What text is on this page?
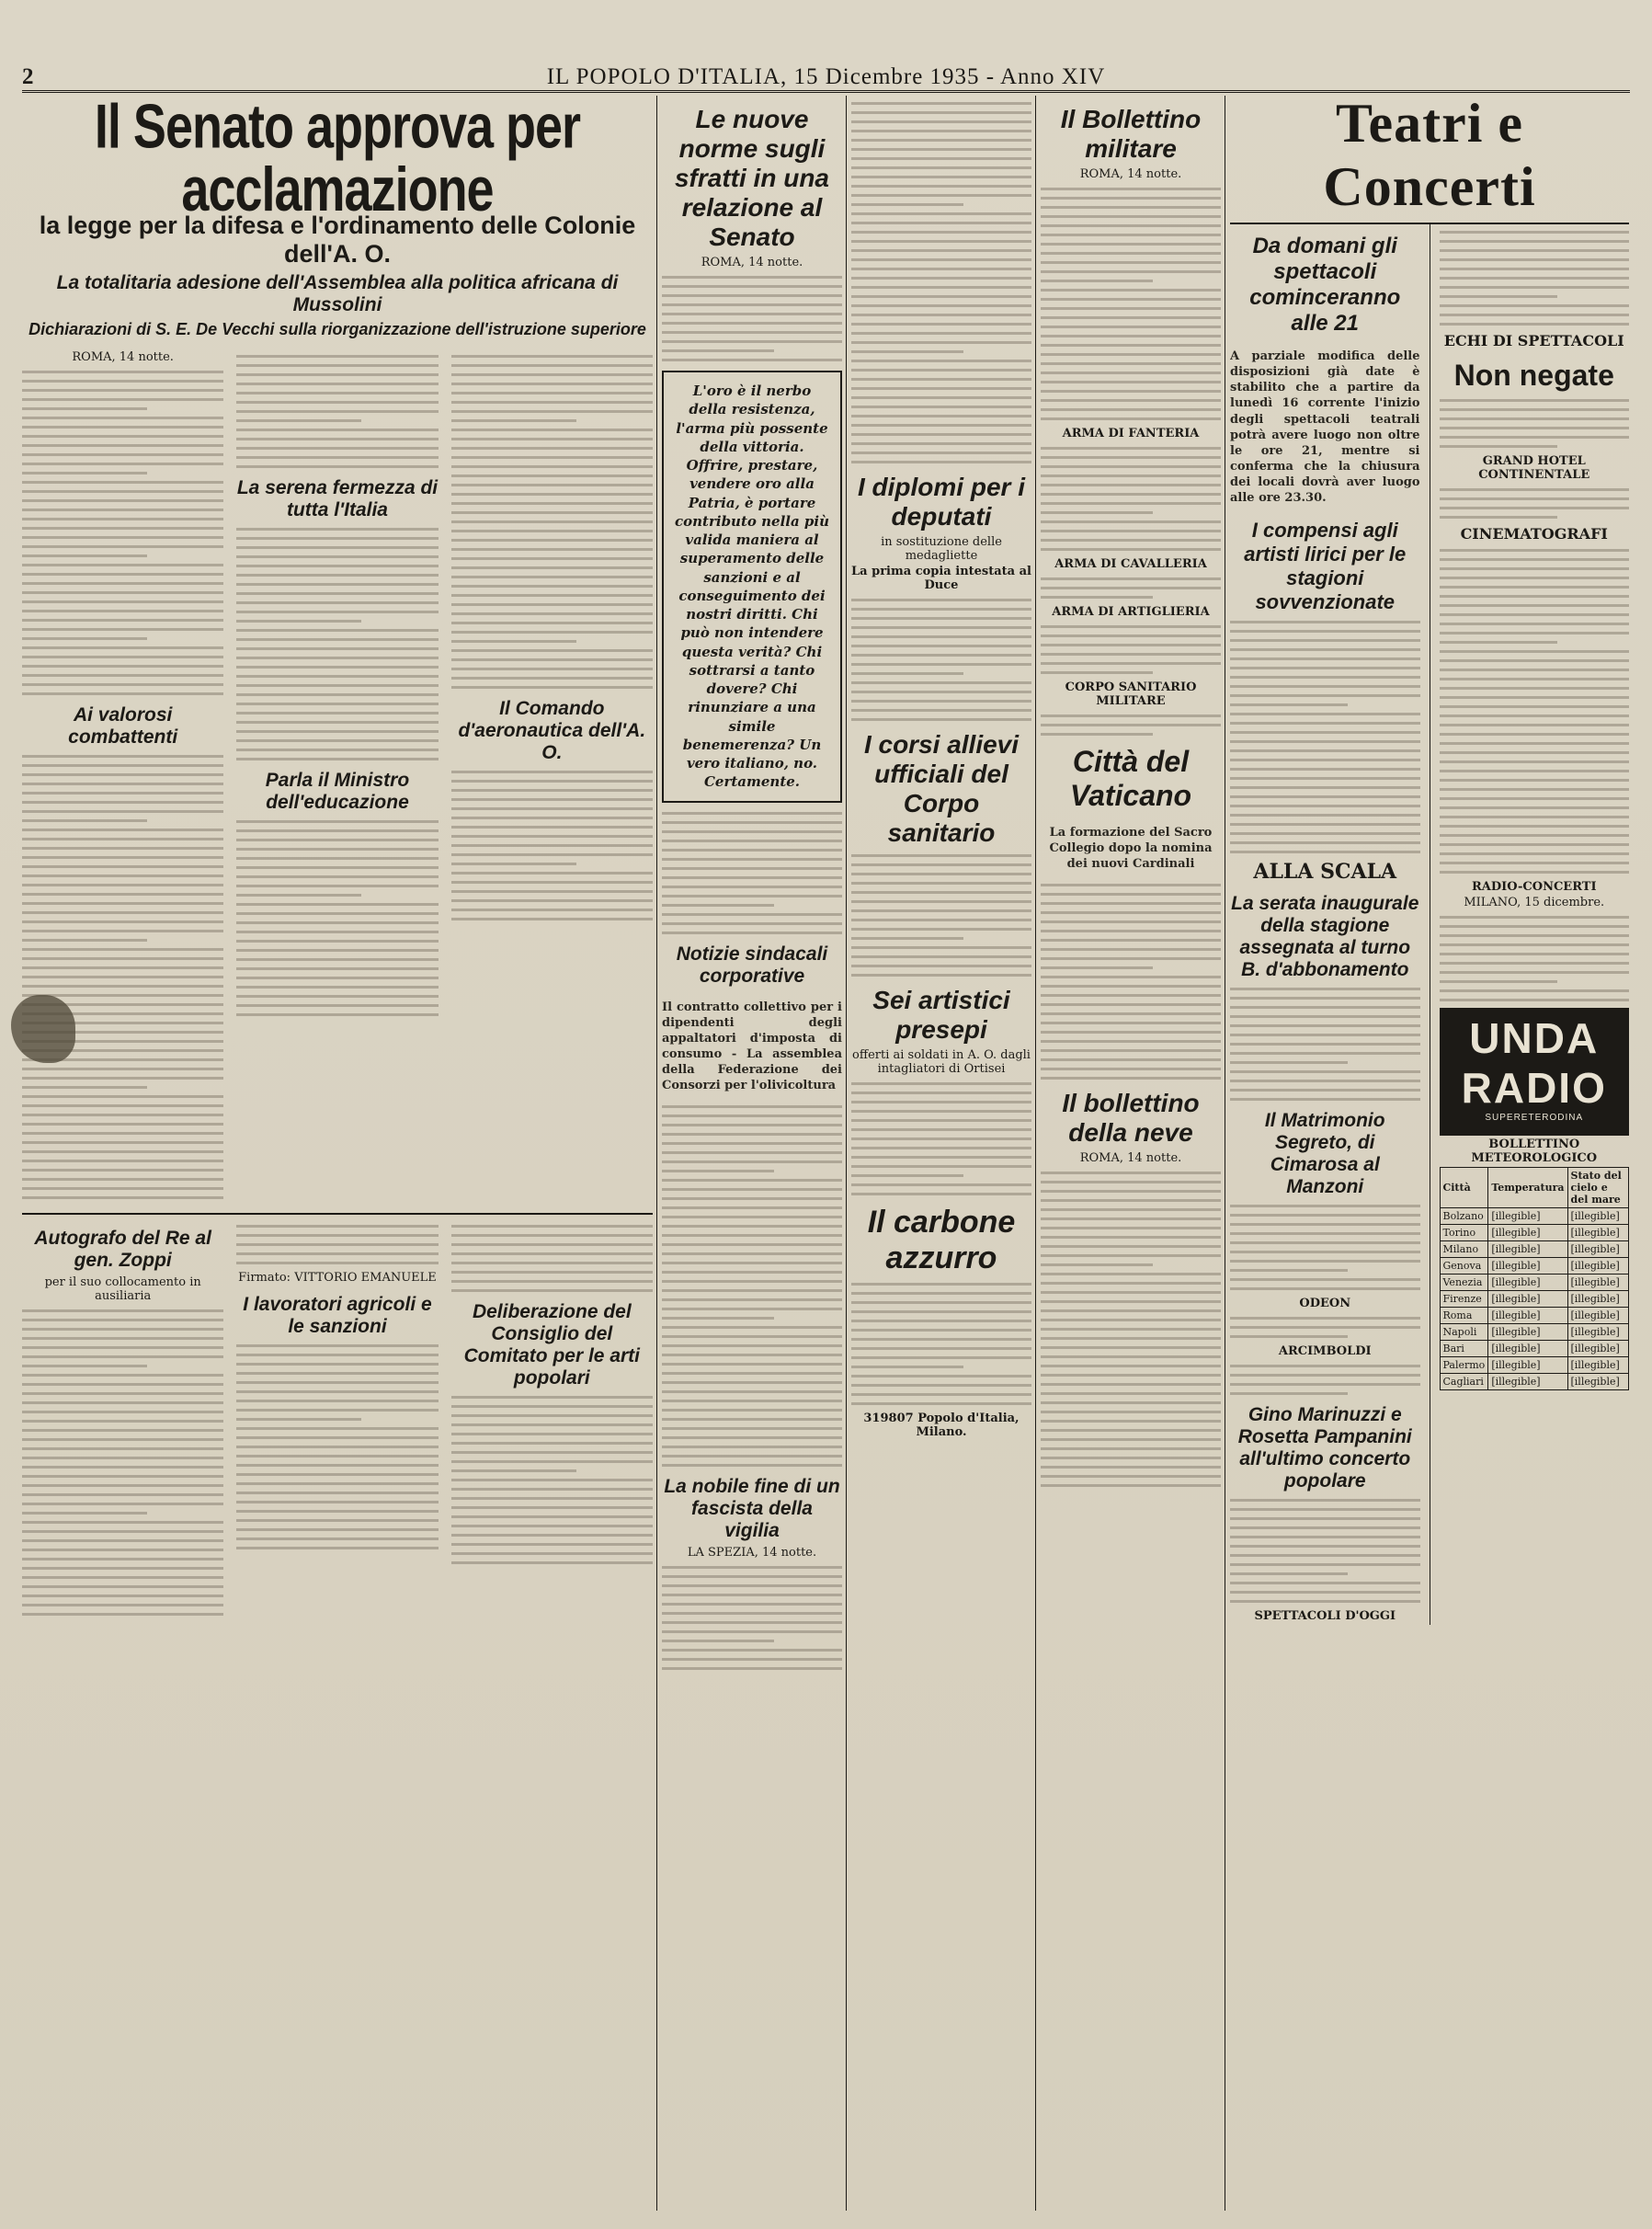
2	IL POPOLO D'ITALIA, 15 Dicembre 1935 - Anno XIV
Il Senato approva per acclamazione

la legge per la difesa e l'ordinamento delle Colonie dell'A. O.

La totalitaria adesione dell'Assemblea alla politica africana di Mussolini

Dichiarazioni di S. E. De Vecchi sulla riorganizzazione dell'istruzione superiore

ROMA, 14 notte.

Ai valorosi combattenti

La serena fermezza di tutta l'Italia

Parla il Ministro dell'educazione

Il Comando d'aeronautica dell'A. O.

Autografo del Re al gen. Zoppi

per il suo collocamento in ausiliaria

Firmato: VITTORIO EMANUELE

I lavoratori agricoli e le sanzioni

Deliberazione del Consiglio del Comitato per le arti popolari

Le nuove norme sugli sfratti in una relazione al Senato

ROMA, 14 notte.

L'oro è il nerbo della resistenza, l'arma più possente della vittoria. Offrire, prestare, vendere oro alla Patria, è portare contributo nella più valida maniera al superamento delle sanzioni e al conseguimento dei nostri diritti. Chi può non intendere questa verità? Chi sottrarsi a tanto dovere? Chi rinunziare a una simile benemerenza? Un vero italiano, no. Certamente.

Notizie sindacali corporative

Il contratto collettivo per i dipendenti degli appaltatori d'imposta di consumo - La assemblea della Federazione dei Consorzi per l'olivicoltura

La nobile fine di un fascista della vigilia

LA SPEZIA, 14 notte.

I diplomi per i deputati

in sostituzione delle medagliette

La prima copia intestata al Duce

I corsi allievi ufficiali del Corpo sanitario

Sei artistici presepi

offerti ai soldati in A. O. dagli intagliatori di Ortisei

Il carbone azzurro

319807 Popolo d'Italia, Milano.

Il Bollettino militare

ROMA, 14 notte.

ARMA DI FANTERIA

ARMA DI CAVALLERIA

ARMA DI ARTIGLIERIA

CORPO SANITARIO MILITARE

Città del Vaticano

La formazione del Sacro Collegio dopo la nomina dei nuovi Cardinali

Il bollettino della neve

ROMA, 14 notte.

Teatri e Concerti

Da domani gli spettacoli cominceranno alle 21

A parziale modifica delle disposizioni già date è stabilito che a partire da lunedì 16 corrente l'inizio degli spettacoli teatrali potrà avere luogo non oltre le ore 21, mentre si conferma che la chiusura dei locali dovrà aver luogo alle ore 23.30.

I compensi agli artisti lirici per le stagioni sovvenzionate

ALLA SCALA

La serata inaugurale della stagione assegnata al turno B. d'abbonamento

Il Matrimonio Segreto, di Cimarosa al Manzoni

ODEON

ARCIMBOLDI

Gino Marinuzzi e Rosetta Pampanini all'ultimo concerto popolare

SPETTACOLI D'OGGI

ECHI DI SPETTACOLI

Non negate

GRAND HOTEL CONTINENTALE

CINEMATOGRAFI

RADIO-CONCERTI

MILANO, 15 dicembre.

UNDA RADIO
SUPERETERODINA

BOLLETTINO METEOROLOGICO

Città	Temperatura	Stato del cielo e del mare
Bolzano	[illegible]	[illegible]
Torino	[illegible]	[illegible]
Milano	[illegible]	[illegible]
Genova	[illegible]	[illegible]
Venezia	[illegible]	[illegible]
Firenze	[illegible]	[illegible]
Roma	[illegible]	[illegible]
Napoli	[illegible]	[illegible]
Bari	[illegible]	[illegible]
Palermo	[illegible]	[illegible]
Cagliari	[illegible]	[illegible]
